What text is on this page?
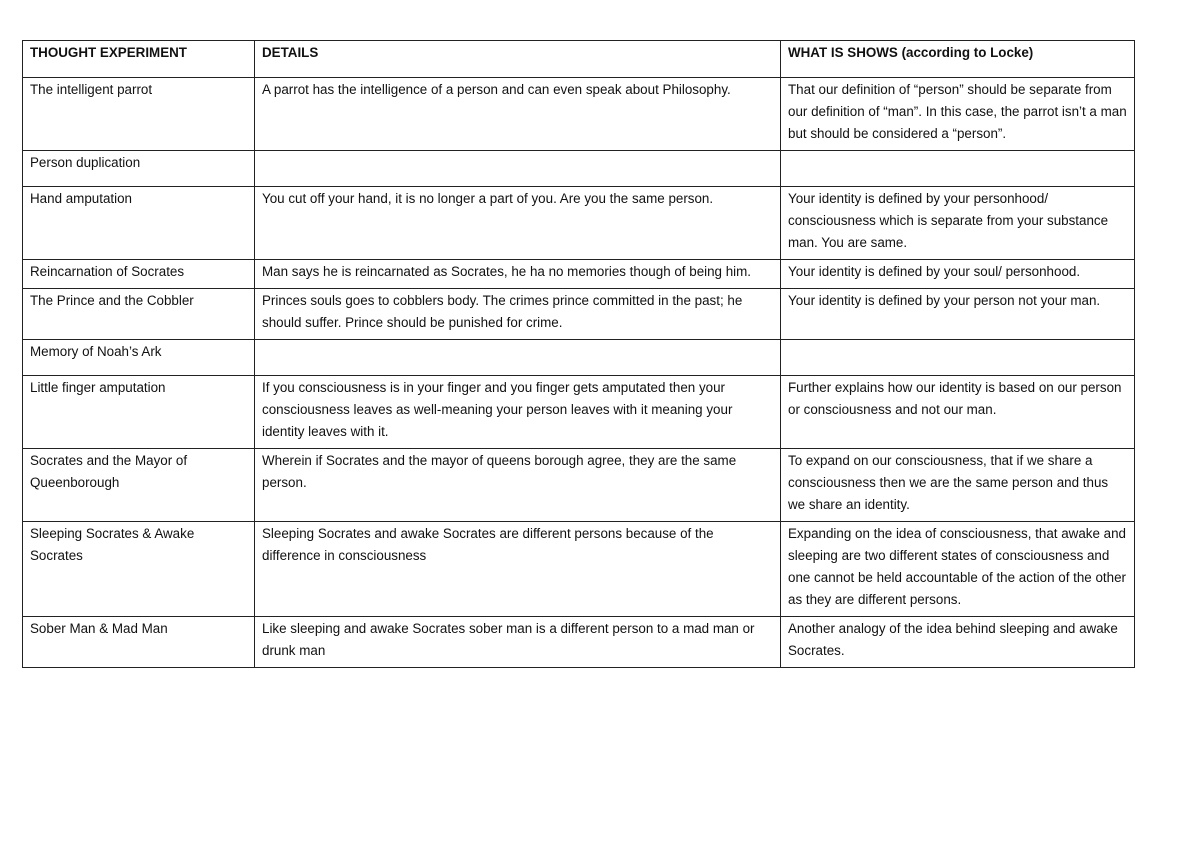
THOUGHT EXPERIMENT	DETAILS	WHAT IS SHOWS (according to Locke)
The intelligent parrot	A parrot has the intelligence of a person and can even speak about Philosophy.	That our definition of “person” should be separate from our definition of “man”. In this case, the parrot isn’t a man but should be considered a “person”.
Person duplication		
Hand amputation	You cut off your hand, it is no longer a part of you. Are you the same person.	Your identity is defined by your personhood/ consciousness which is separate from your substance man. You are same.
Reincarnation of Socrates	Man says he is reincarnated as Socrates, he ha no memories though of being him.	Your identity is defined by your soul/ personhood.
The Prince and the Cobbler	Princes souls goes to cobblers body. The crimes prince committed in the past; he should suffer. Prince should be punished for crime.	Your identity is defined by your person not your man.
Memory of Noah’s Ark		
Little finger amputation	If you consciousness is in your finger and you finger gets amputated then your consciousness leaves as well-meaning your person leaves with it meaning your identity leaves with it.	Further explains how our identity is based on our person or consciousness and not our man.
Socrates and the Mayor of Queenborough	Wherein if Socrates and the mayor of queens borough agree, they are the same person.	To expand on our consciousness, that if we share a consciousness then we are the same person and thus we share an identity.
Sleeping Socrates & Awake Socrates	Sleeping Socrates and awake Socrates are different persons because of the difference in consciousness	Expanding on the idea of consciousness, that awake and sleeping are two different states of consciousness and one cannot be held accountable of the action of the other as they are different persons.
Sober Man & Mad Man	Like sleeping and awake Socrates sober man is a different person to a mad man or drunk man	Another analogy of the idea behind sleeping and awake Socrates.
